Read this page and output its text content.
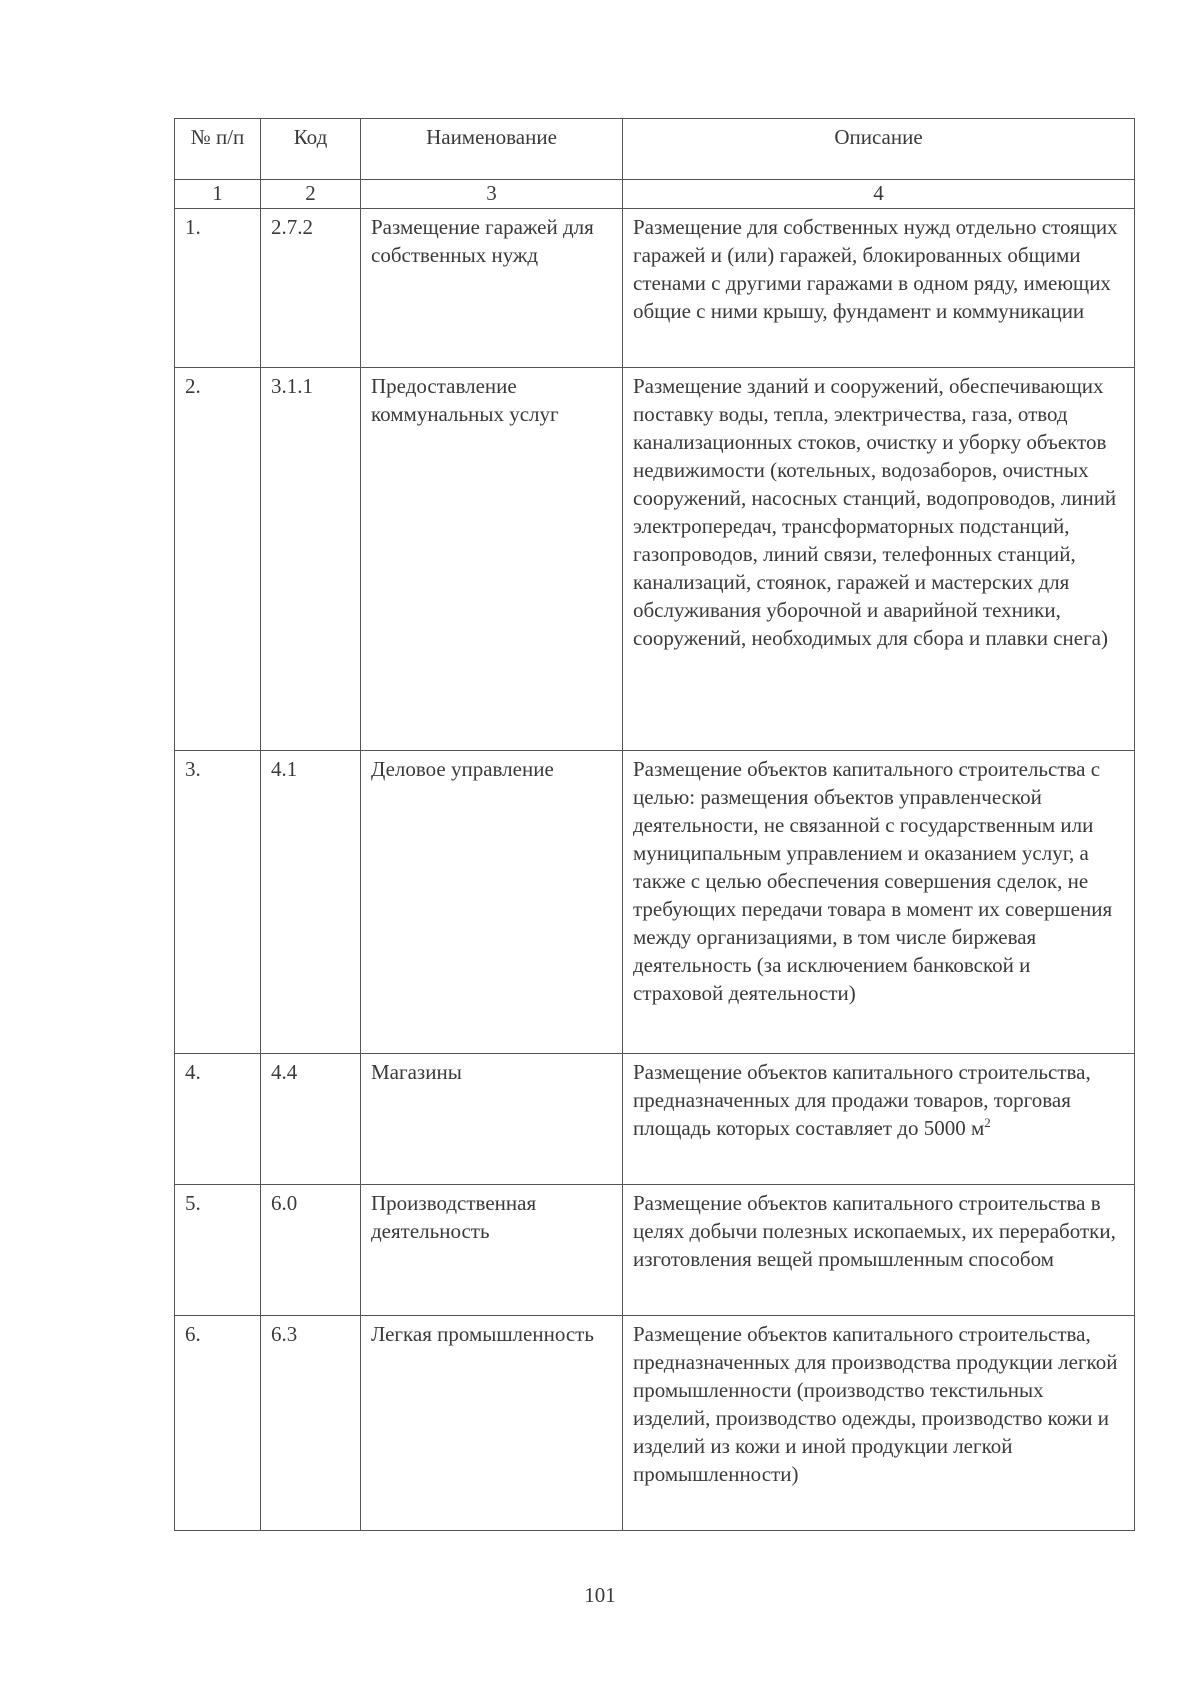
№ п/п	Код	Наименование	Описание
1	2	3	4
1.	2.7.2	Размещение гаражей для собственных нужд	Размещение для собственных нужд отдельно стоящих гаражей и (или) гаражей, блокированных общими стенами с другими гаражами в одном ряду, имеющих общие с ними крышу, фундамент и коммуникации
2.	3.1.1	Предоставление коммунальных услуг	Размещение зданий и сооружений, обеспечивающих поставку воды, тепла, электричества, газа, отвод канализационных стоков, очистку и уборку объектов недвижимости (котельных, водозаборов, очистных сооружений, насосных станций, водопроводов, линий электропередач, трансформаторных подстанций, газопроводов, линий связи, телефонных станций, канализаций, стоянок, гаражей и мастерских для обслуживания уборочной и аварийной техники, сооружений, необходимых для сбора и плавки снега)
3.	4.1	Деловое управление	Размещение объектов капитального строительства с целью: размещения объектов управленческой деятельности, не связанной с государственным или муниципальным управлением и оказанием услуг, а также с целью обеспечения совершения сделок, не требующих передачи товара в момент их совершения между организациями, в том числе биржевая деятельность (за исключением банковской и страховой деятельности)
4.	4.4	Магазины	Размещение объектов капитального строительства, предназначенных для продажи товаров, торговая площадь которых составляет до 5000 $м^2$
5.	6.0	Производственная деятельность	Размещение объектов капитального строительства в целях добычи полезных ископаемых, их переработки, изготовления вещей промышленным способом
6.	6.3	Легкая промышленность	Размещение объектов капитального строительства, предназначенных для производства продукции легкой промышленности (производство текстильных изделий, производство одежды, производство кожи и изделий из кожи и иной продукции легкой промышленности)
101
